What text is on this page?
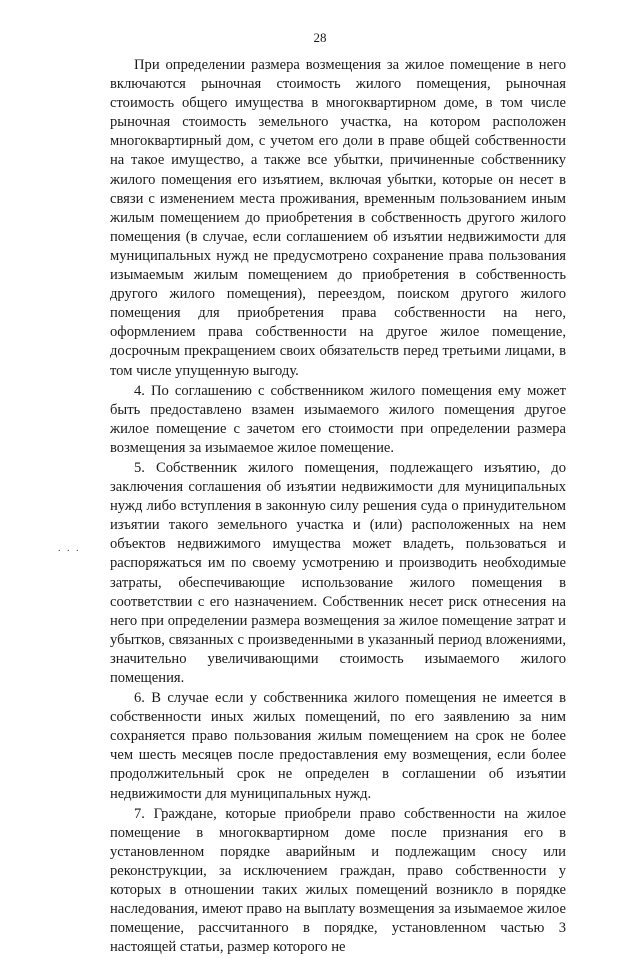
28

При определении размера возмещения за жилое помещение в него включаются рыночная стоимость жилого помещения, рыночная стоимость общего имущества в многоквартирном доме, в том числе рыночная стоимость земельного участка, на котором расположен многоквартирный дом, с учетом его доли в праве общей собственности на такое имущество, а также все убытки, причиненные собственнику жилого помещения его изъятием, включая убытки, которые он несет в связи с изменением места проживания, временным пользованием иным жилым помещением до приобретения в собственность другого жилого помещения (в случае, если соглашением об изъятии недвижимости для муниципальных нужд не предусмотрено сохранение права пользования изымаемым жилым помещением до приобретения в собственность другого жилого помещения), переездом, поиском другого жилого помещения для приобретения права собственности на него, оформлением права собственности на другое жилое помещение, досрочным прекращением своих обязательств перед третьими лицами, в том числе упущенную выгоду.

4. По соглашению с собственником жилого помещения ему может быть предоставлено взамен изымаемого жилого помещения другое жилое помещение с зачетом его стоимости при определении размера возмещения за изымаемое жилое помещение.

5. Собственник жилого помещения, подлежащего изъятию, до заключения соглашения об изъятии недвижимости для муниципальных нужд либо вступления в законную силу решения суда о принудительном изъятии такого земельного участка и (или) расположенных на нем объектов недвижимого имущества может владеть, пользоваться и распоряжаться им по своему усмотрению и производить необходимые затраты, обеспечивающие использование жилого помещения в соответствии с его назначением. Собственник несет риск отнесения на него при определении размера возмещения за жилое помещение затрат и убытков, связанных с произведенными в указанный период вложениями, значительно увеличивающими стоимость изымаемого жилого помещения.

6. В случае если у собственника жилого помещения не имеется в собственности иных жилых помещений, по его заявлению за ним сохраняется право пользования жилым помещением на срок не более чем шесть месяцев после предоставления ему возмещения, если более продолжительный срок не определен в соглашении об изъятии недвижимости для муниципальных нужд.

7. Граждане, которые приобрели право собственности на жилое помещение в многоквартирном доме после признания его в установленном порядке аварийным и подлежащим сносу или реконструкции, за исключением граждан, право собственности у которых в отношении таких жилых помещений возникло в порядке наследования, имеют право на выплату возмещения за изымаемое жилое помещение, рассчитанного в порядке, установленном частью 3 настоящей статьи, размер которого не

. . .
